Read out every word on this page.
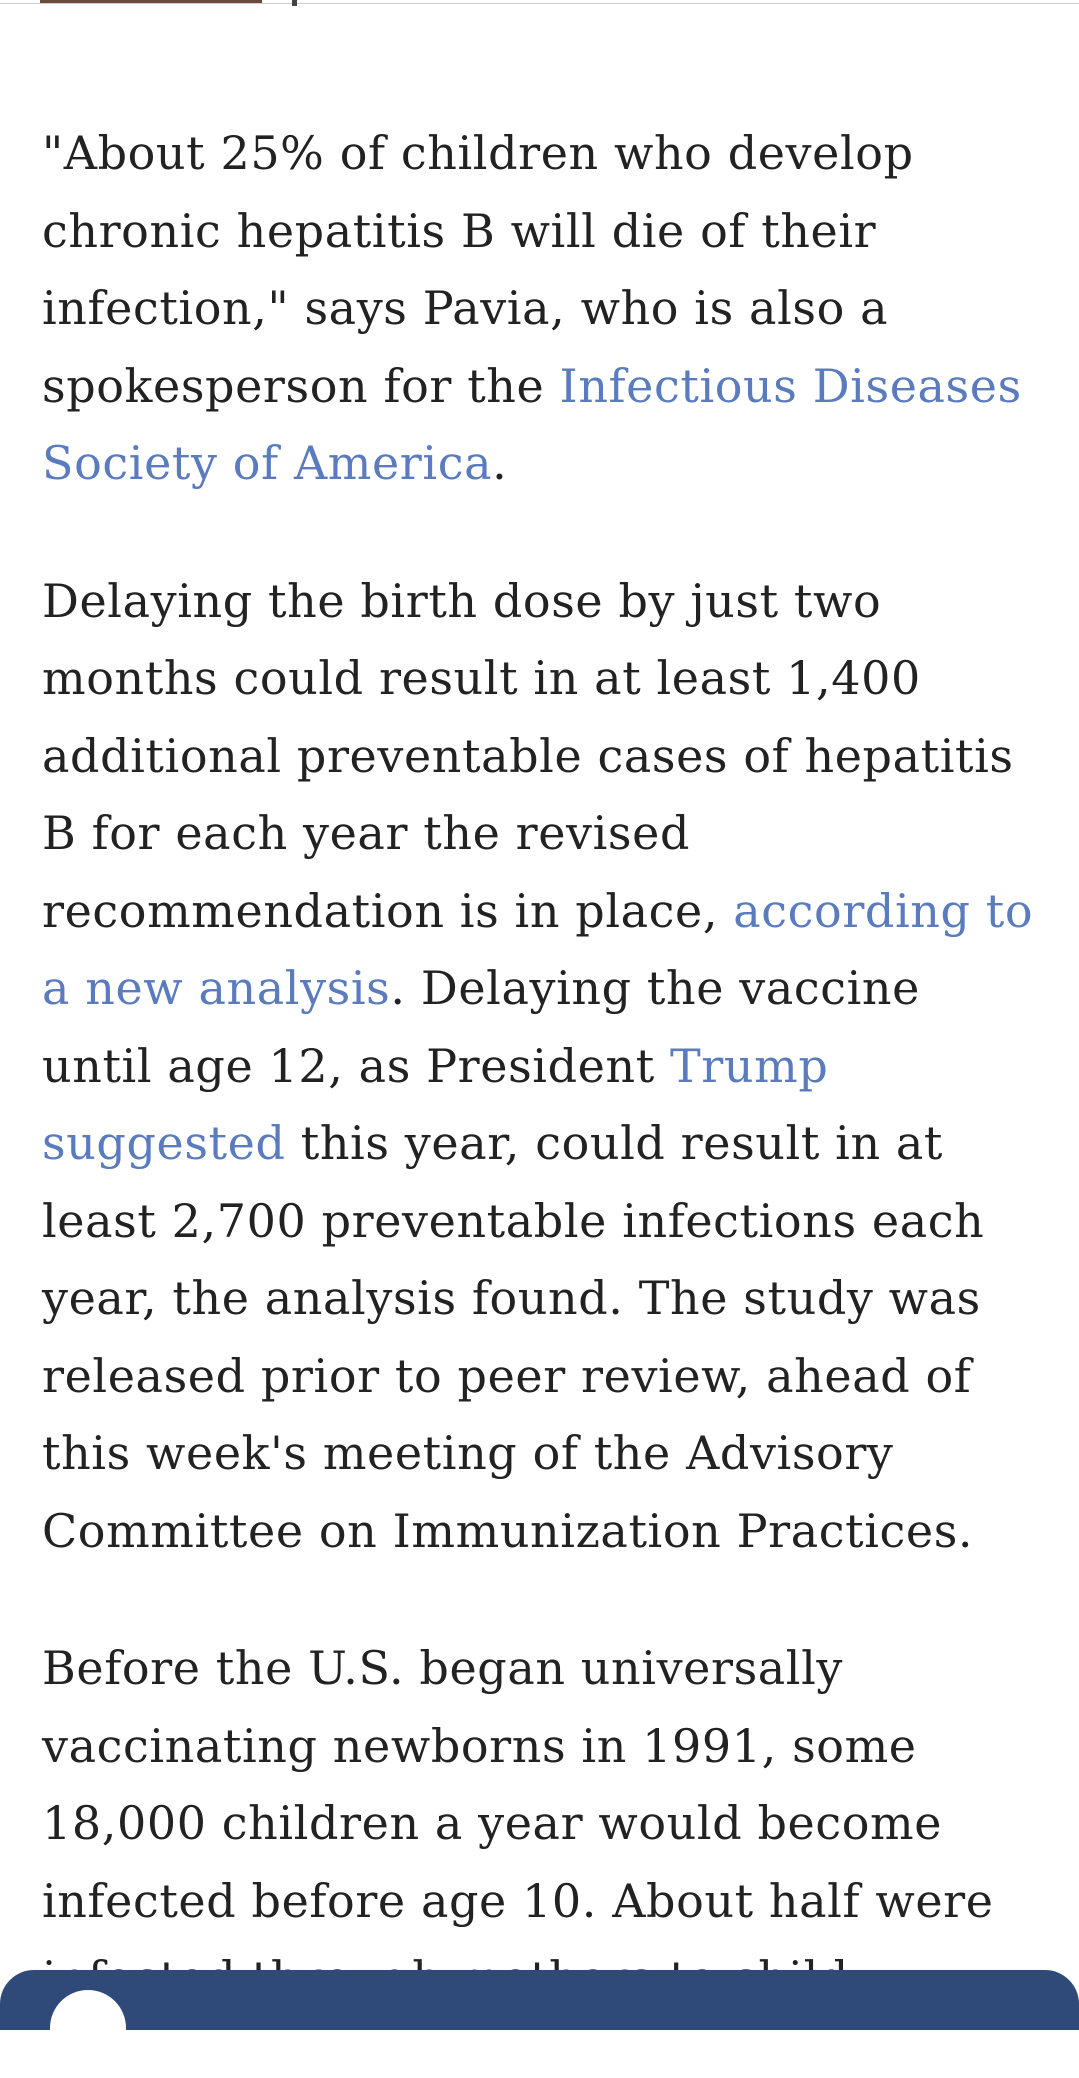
"About 25% of children who develop chronic hepatitis B will die of their infection," says Pavia, who is also a spokesperson for the Infectious Diseases Society of America.

Delaying the birth dose by just two months could result in at least 1,400 additional preventable cases of hepatitis B for each year the revised recommendation is in place, according to a new analysis. Delaying the vaccine until age 12, as President Trump suggested this year, could result in at least 2,700 preventable infections each year, the analysis found. The study was released prior to peer review, ahead of this week's meeting of the Advisory Committee on Immunization Practices.

Before the U.S. began universally vaccinating newborns in 1991, some 18,000 children a year would become infected before age 10. About half were
